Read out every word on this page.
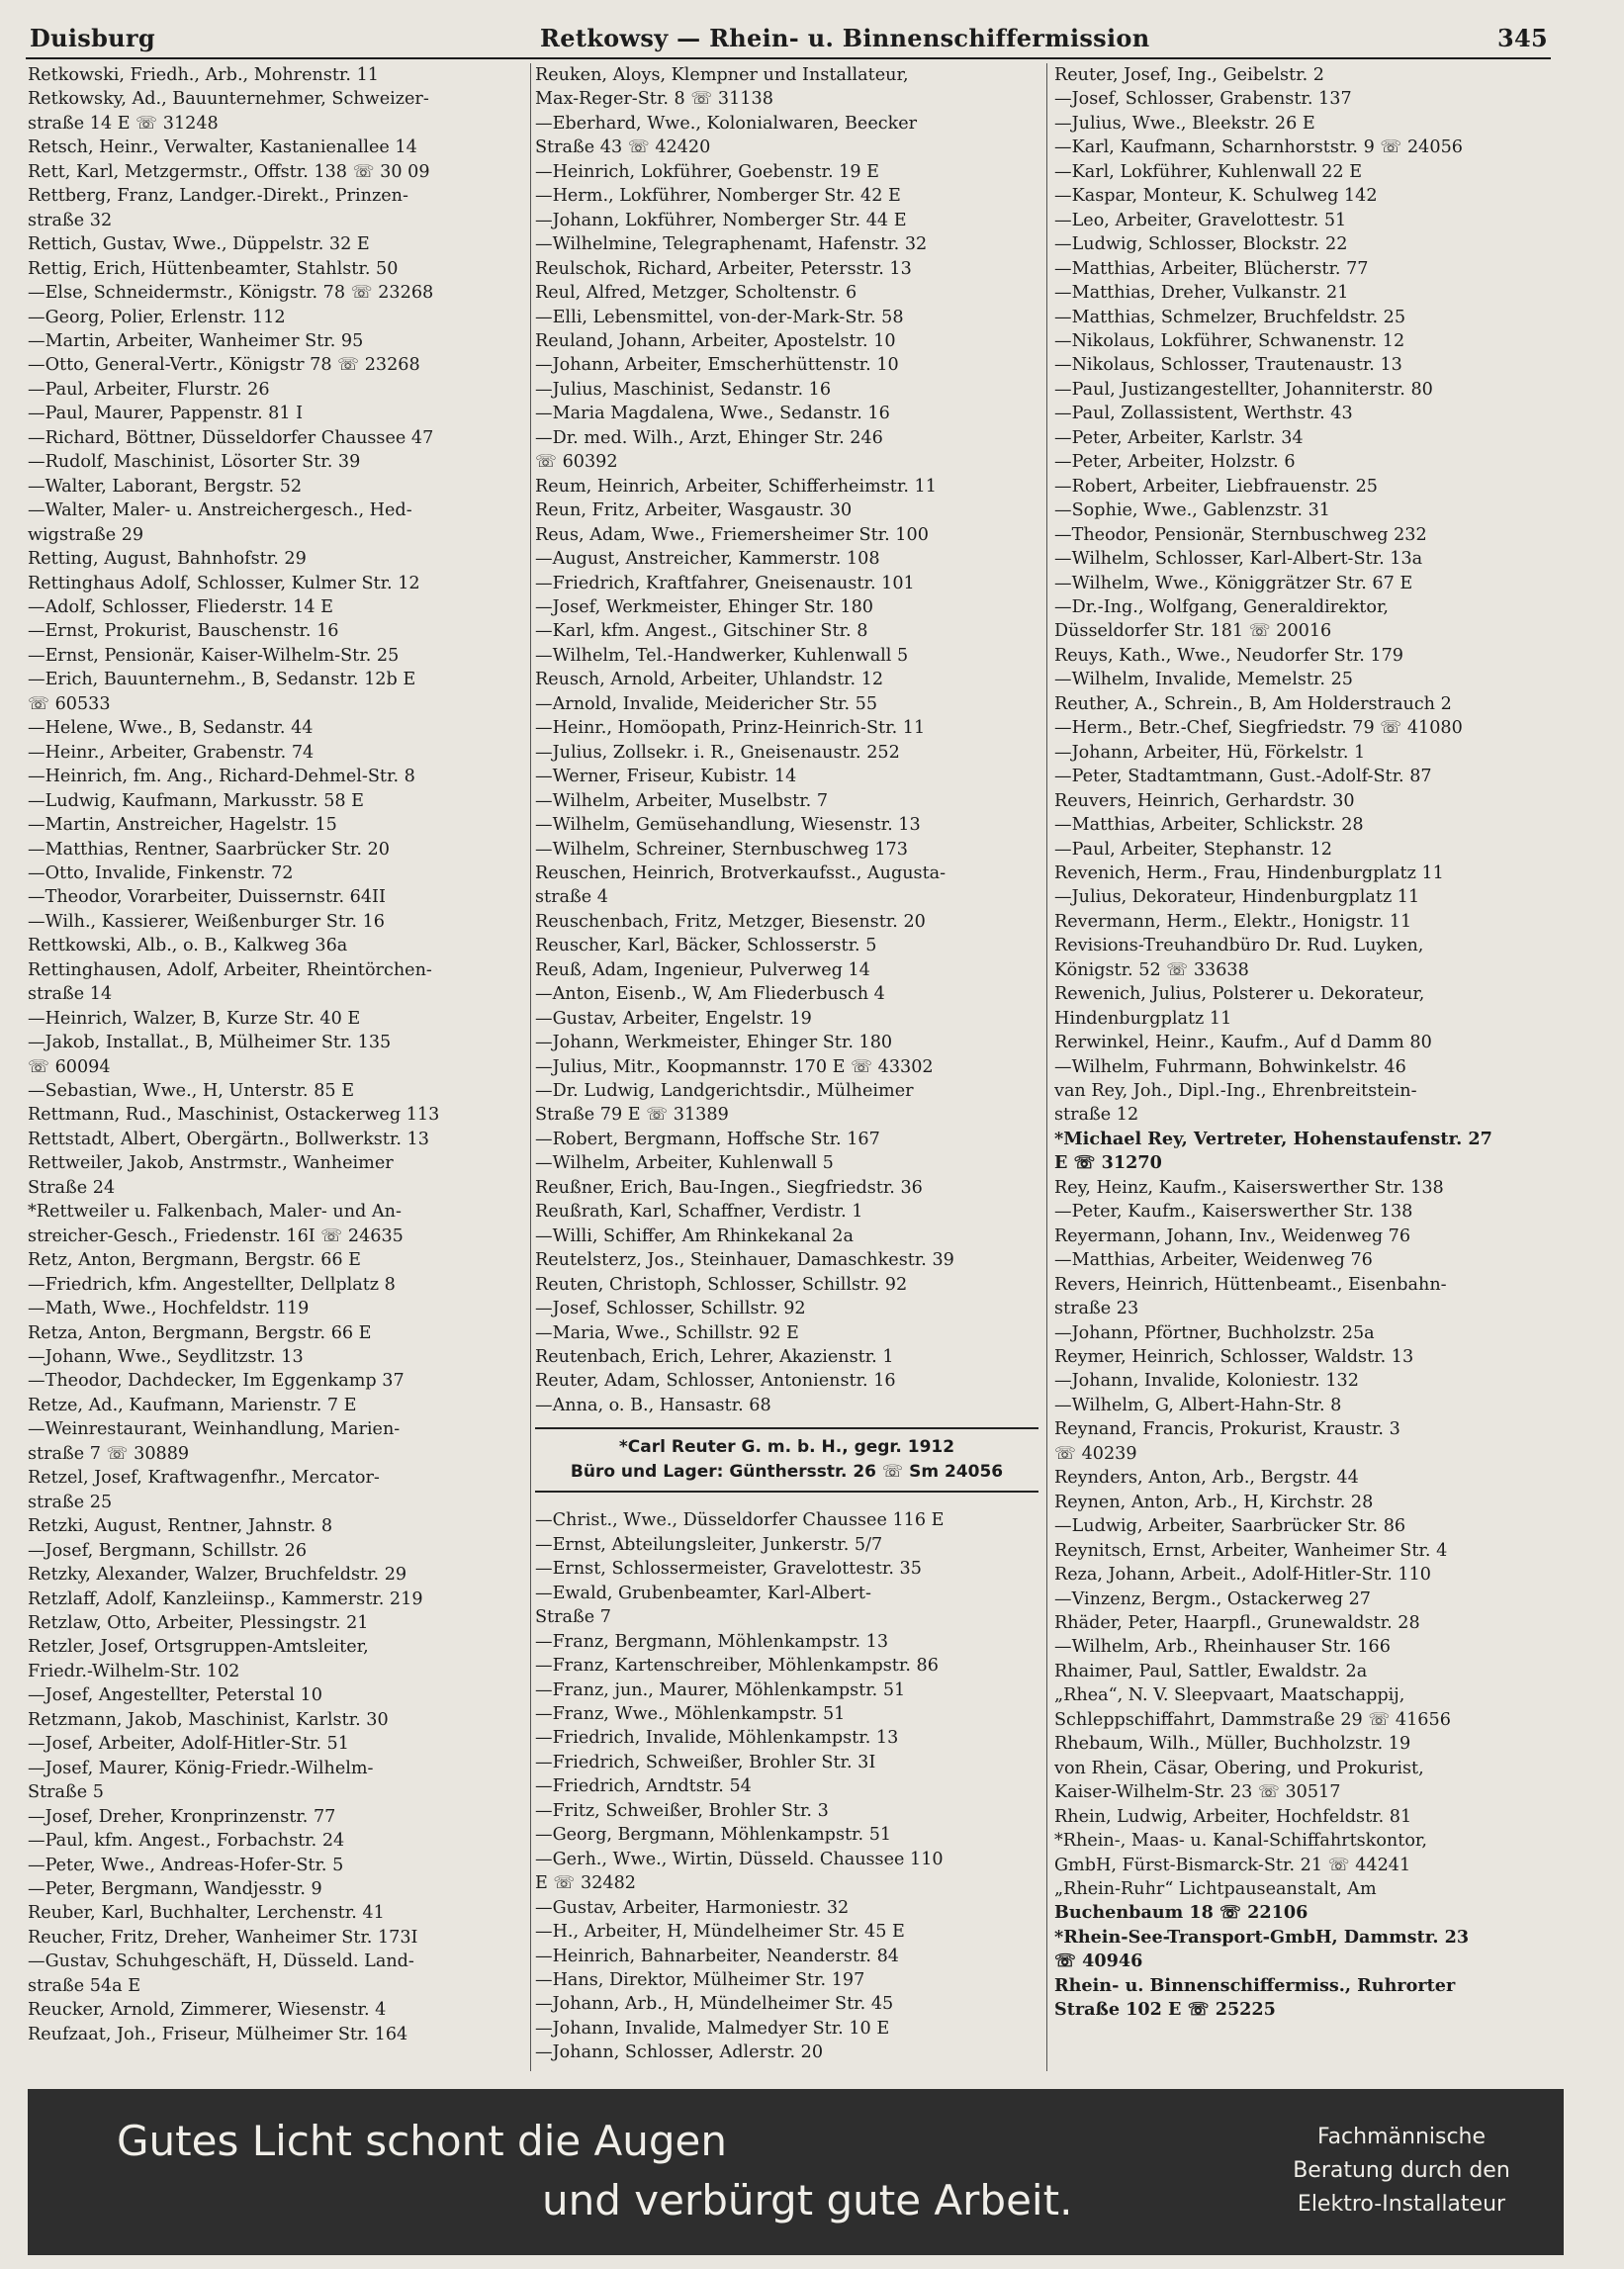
Duisburg	Retkowsy — Rhein- u. Binnenschiffermission	345
Retkowski, Friedh., Arb., Mohrenstr. 11
Retkowsky, Ad., Bauunternehmer, Schweizer-
straße 14 E ☏ 31248
Retsch, Heinr., Verwalter, Kastanienallee 14
Rett, Karl, Metzgermstr., Offstr. 138 ☏ 30 09
Rettberg, Franz, Landger.-Direkt., Prinzen-
straße 32
Rettich, Gustav, Wwe., Düppelstr. 32 E
Rettig, Erich, Hüttenbeamter, Stahlstr. 50
—Else, Schneidermstr., Königstr. 78 ☏ 23268
—Georg, Polier, Erlenstr. 112
—Martin, Arbeiter, Wanheimer Str. 95
—Otto, General-Vertr., Königstr 78 ☏ 23268
—Paul, Arbeiter, Flurstr. 26
—Paul, Maurer, Pappenstr. 81 I
—Richard, Böttner, Düsseldorfer Chaussee 47
—Rudolf, Maschinist, Lösorter Str. 39
—Walter, Laborant, Bergstr. 52
—Walter, Maler- u. Anstreichergesch., Hed-
wigstraße 29
Retting, August, Bahnhofstr. 29
Rettinghaus Adolf, Schlosser, Kulmer Str. 12
—Adolf, Schlosser, Fliederstr. 14 E
—Ernst, Prokurist, Bauschenstr. 16
—Ernst, Pensionär, Kaiser-Wilhelm-Str. 25
—Erich, Bauunternehm., B, Sedanstr. 12b E
☏ 60533
—Helene, Wwe., B, Sedanstr. 44
—Heinr., Arbeiter, Grabenstr. 74
—Heinrich, fm. Ang., Richard-Dehmel-Str. 8
—Ludwig, Kaufmann, Markusstr. 58 E
—Martin, Anstreicher, Hagelstr. 15
—Matthias, Rentner, Saarbrücker Str. 20
—Otto, Invalide, Finkenstr. 72
—Theodor, Vorarbeiter, Duissernstr. 64II
—Wilh., Kassierer, Weißenburger Str. 16
Rettkowski, Alb., o. B., Kalkweg 36a
Rettinghausen, Adolf, Arbeiter, Rheintörchen-
straße 14
—Heinrich, Walzer, B, Kurze Str. 40 E
—Jakob, Installat., B, Mülheimer Str. 135
☏ 60094
—Sebastian, Wwe., H, Unterstr. 85 E
Rettmann, Rud., Maschinist, Ostackerweg 113
Rettstadt, Albert, Obergärtn., Bollwerkstr. 13
Rettweiler, Jakob, Anstrmstr., Wanheimer
Straße 24
*Rettweiler u. Falkenbach, Maler- und An-
streicher-Gesch., Friedenstr. 16I ☏ 24635
Retz, Anton, Bergmann, Bergstr. 66 E
—Friedrich, kfm. Angestellter, Dellplatz 8
—Math, Wwe., Hochfeldstr. 119
Retza, Anton, Bergmann, Bergstr. 66 E
—Johann, Wwe., Seydlitzstr. 13
—Theodor, Dachdecker, Im Eggenkamp 37
Retze, Ad., Kaufmann, Marienstr. 7 E
—Weinrestaurant, Weinhandlung, Marien-
straße 7 ☏ 30889
Retzel, Josef, Kraftwagenfhr., Mercator-
straße 25
Retzki, August, Rentner, Jahnstr. 8
—Josef, Bergmann, Schillstr. 26
Retzky, Alexander, Walzer, Bruchfeldstr. 29
Retzlaff, Adolf, Kanzleiinsp., Kammerstr. 219
Retzlaw, Otto, Arbeiter, Plessingstr. 21
Retzler, Josef, Ortsgruppen-Amtsleiter,
Friedr.-Wilhelm-Str. 102
—Josef, Angestellter, Peterstal 10
Retzmann, Jakob, Maschinist, Karlstr. 30
—Josef, Arbeiter, Adolf-Hitler-Str. 51
—Josef, Maurer, König-Friedr.-Wilhelm-
Straße 5
—Josef, Dreher, Kronprinzenstr. 77
—Paul, kfm. Angest., Forbachstr. 24
—Peter, Wwe., Andreas-Hofer-Str. 5
—Peter, Bergmann, Wandjesstr. 9
Reuber, Karl, Buchhalter, Lerchenstr. 41
Reucher, Fritz, Dreher, Wanheimer Str. 173I
—Gustav, Schuhgeschäft, H, Düsseld. Land-
straße 54a E
Reucker, Arnold, Zimmerer, Wiesenstr. 4
Reufzaat, Joh., Friseur, Mülheimer Str. 164
Reuken, Aloys, Klempner und Installateur,
Max-Reger-Str. 8 ☏ 31138
—Eberhard, Wwe., Kolonialwaren, Beecker
Straße 43 ☏ 42420
—Heinrich, Lokführer, Goebenstr. 19 E
—Herm., Lokführer, Nomberger Str. 42 E
—Johann, Lokführer, Nomberger Str. 44 E
—Wilhelmine, Telegraphenamt, Hafenstr. 32
Reulschok, Richard, Arbeiter, Petersstr. 13
Reul, Alfred, Metzger, Scholtenstr. 6
—Elli, Lebensmittel, von-der-Mark-Str. 58
Reuland, Johann, Arbeiter, Apostelstr. 10
—Johann, Arbeiter, Emscherhüttenstr. 10
—Julius, Maschinist, Sedanstr. 16
—Maria Magdalena, Wwe., Sedanstr. 16
—Dr. med. Wilh., Arzt, Ehinger Str. 246
☏ 60392
Reum, Heinrich, Arbeiter, Schifferheimstr. 11
Reun, Fritz, Arbeiter, Wasgaustr. 30
Reus, Adam, Wwe., Friemersheimer Str. 100
—August, Anstreicher, Kammerstr. 108
—Friedrich, Kraftfahrer, Gneisenaustr. 101
—Josef, Werkmeister, Ehinger Str. 180
—Karl, kfm. Angest., Gitschiner Str. 8
—Wilhelm, Tel.-Handwerker, Kuhlenwall 5
Reusch, Arnold, Arbeiter, Uhlandstr. 12
—Arnold, Invalide, Meidericher Str. 55
—Heinr., Homöopath, Prinz-Heinrich-Str. 11
—Julius, Zollsekr. i. R., Gneisenaustr. 252
—Werner, Friseur, Kubistr. 14
—Wilhelm, Arbeiter, Muselbstr. 7
—Wilhelm, Gemüsehandlung, Wiesenstr. 13
—Wilhelm, Schreiner, Sternbuschweg 173
Reuschen, Heinrich, Brotverkaufsst., Augusta-
straße 4
Reuschenbach, Fritz, Metzger, Biesenstr. 20
Reuscher, Karl, Bäcker, Schlosserstr. 5
Reuß, Adam, Ingenieur, Pulverweg 14
—Anton, Eisenb., W, Am Fliederbusch 4
—Gustav, Arbeiter, Engelstr. 19
—Johann, Werkmeister, Ehinger Str. 180
—Julius, Mitr., Koopmannstr. 170 E ☏ 43302
—Dr. Ludwig, Landgerichtsdir., Mülheimer
Straße 79 E ☏ 31389
—Robert, Bergmann, Hoffsche Str. 167
—Wilhelm, Arbeiter, Kuhlenwall 5
Reußner, Erich, Bau-Ingen., Siegfriedstr. 36
Reußrath, Karl, Schaffner, Verdistr. 1
—Willi, Schiffer, Am Rhinkekanal 2a
Reutelsterz, Jos., Steinhauer, Damaschkestr. 39
Reuten, Christoph, Schlosser, Schillstr. 92
—Josef, Schlosser, Schillstr. 92
—Maria, Wwe., Schillstr. 92 E
Reutenbach, Erich, Lehrer, Akazienstr. 1
Reuter, Adam, Schlosser, Antonienstr. 16
—Anna, o. B., Hansastr. 68
*Carl Reuter G. m. b. H., gegr. 1912
Büro und Lager: Günthersstr. 26 ☏ Sm 24056
—Christ., Wwe., Düsseldorfer Chaussee 116 E
—Ernst, Abteilungsleiter, Junkerstr. 5/7
—Ernst, Schlossermeister, Gravelottestr. 35
—Ewald, Grubenbeamter, Karl-Albert-
Straße 7
—Franz, Bergmann, Möhlenkampstr. 13
—Franz, Kartenschreiber, Möhlenkampstr. 86
—Franz, jun., Maurer, Möhlenkampstr. 51
—Franz, Wwe., Möhlenkampstr. 51
—Friedrich, Invalide, Möhlenkampstr. 13
—Friedrich, Schweißer, Brohler Str. 3I
—Friedrich, Arndtstr. 54
—Fritz, Schweißer, Brohler Str. 3
—Georg, Bergmann, Möhlenkampstr. 51
—Gerh., Wwe., Wirtin, Düsseld. Chaussee 110
E ☏ 32482
—Gustav, Arbeiter, Harmoniestr. 32
—H., Arbeiter, H, Mündelheimer Str. 45 E
—Heinrich, Bahnarbeiter, Neanderstr. 84
—Hans, Direktor, Mülheimer Str. 197
—Johann, Arb., H, Mündelheimer Str. 45
—Johann, Invalide, Malmedyer Str. 10 E
—Johann, Schlosser, Adlerstr. 20
Reuter, Josef, Ing., Geibelstr. 2
—Josef, Schlosser, Grabenstr. 137
—Julius, Wwe., Bleekstr. 26 E
—Karl, Kaufmann, Scharnhorststr. 9 ☏ 24056
—Karl, Lokführer, Kuhlenwall 22 E
—Kaspar, Monteur, K. Schulweg 142
—Leo, Arbeiter, Gravelottestr. 51
—Ludwig, Schlosser, Blockstr. 22
—Matthias, Arbeiter, Blücherstr. 77
—Matthias, Dreher, Vulkanstr. 21
—Matthias, Schmelzer, Bruchfeldstr. 25
—Nikolaus, Lokführer, Schwanenstr. 12
—Nikolaus, Schlosser, Trautenaustr. 13
—Paul, Justizangestellter, Johanniterstr. 80
—Paul, Zollassistent, Werthstr. 43
—Peter, Arbeiter, Karlstr. 34
—Peter, Arbeiter, Holzstr. 6
—Robert, Arbeiter, Liebfrauenstr. 25
—Sophie, Wwe., Gablenzstr. 31
—Theodor, Pensionär, Sternbuschweg 232
—Wilhelm, Schlosser, Karl-Albert-Str. 13a
—Wilhelm, Wwe., Königgrätzer Str. 67 E
—Dr.-Ing., Wolfgang, Generaldirektor,
Düsseldorfer Str. 181 ☏ 20016
Reuys, Kath., Wwe., Neudorfer Str. 179
—Wilhelm, Invalide, Memelstr. 25
Reuther, A., Schrein., B, Am Holderstrauch 2
—Herm., Betr.-Chef, Siegfriedstr. 79 ☏ 41080
—Johann, Arbeiter, Hü, Förkelstr. 1
—Peter, Stadtamtmann, Gust.-Adolf-Str. 87
Reuvers, Heinrich, Gerhardstr. 30
—Matthias, Arbeiter, Schlickstr. 28
—Paul, Arbeiter, Stephanstr. 12
Revenich, Herm., Frau, Hindenburgplatz 11
—Julius, Dekorateur, Hindenburgplatz 11
Revermann, Herm., Elektr., Honigstr. 11
Revisions-Treuhandbüro Dr. Rud. Luyken,
Königstr. 52 ☏ 33638
Rewenich, Julius, Polsterer u. Dekorateur,
Hindenburgplatz 11
Rerwinkel, Heinr., Kaufm., Auf d Damm 80
—Wilhelm, Fuhrmann, Bohwinkelstr. 46
van Rey, Joh., Dipl.-Ing., Ehrenbreitstein-
straße 12
*Michael Rey, Vertreter, Hohenstaufenstr. 27
E ☏ 31270
Rey, Heinz, Kaufm., Kaiserswerther Str. 138
—Peter, Kaufm., Kaiserswerther Str. 138
Reyermann, Johann, Inv., Weidenweg 76
—Matthias, Arbeiter, Weidenweg 76
Revers, Heinrich, Hüttenbeamt., Eisenbahn-
straße 23
—Johann, Pförtner, Buchholzstr. 25a
Reymer, Heinrich, Schlosser, Waldstr. 13
—Johann, Invalide, Koloniestr. 132
—Wilhelm, G, Albert-Hahn-Str. 8
Reynand, Francis, Prokurist, Kraustr. 3
☏ 40239
Reynders, Anton, Arb., Bergstr. 44
Reynen, Anton, Arb., H, Kirchstr. 28
—Ludwig, Arbeiter, Saarbrücker Str. 86
Reynitsch, Ernst, Arbeiter, Wanheimer Str. 4
Reza, Johann, Arbeit., Adolf-Hitler-Str. 110
—Vinzenz, Bergm., Ostackerweg 27
Rhäder, Peter, Haarpfl., Grunewaldstr. 28
—Wilhelm, Arb., Rheinhauser Str. 166
Rhaimer, Paul, Sattler, Ewaldstr. 2a
„Rhea“, N. V. Sleepvaart, Maatschappij,
Schleppschiffahrt, Dammstraße 29 ☏ 41656
Rhebaum, Wilh., Müller, Buchholzstr. 19
von Rhein, Cäsar, Obering, und Prokurist,
Kaiser-Wilhelm-Str. 23 ☏ 30517
Rhein, Ludwig, Arbeiter, Hochfeldstr. 81
*Rhein-, Maas- u. Kanal-Schiffahrtskontor,
GmbH, Fürst-Bismarck-Str. 21 ☏ 44241
„Rhein-Ruhr“ Lichtpauseanstalt, Am
Buchenbaum 18 ☏ 22106
*Rhein-See-Transport-GmbH, Dammstr. 23
☏ 40946
Rhein- u. Binnenschiffermiss., Ruhrorter
Straße 102 E ☏ 25225
Gutes Licht schont die Augen
und verbürgt gute Arbeit.
Fachmännische
Beratung durch den
Elektro-Installateur
